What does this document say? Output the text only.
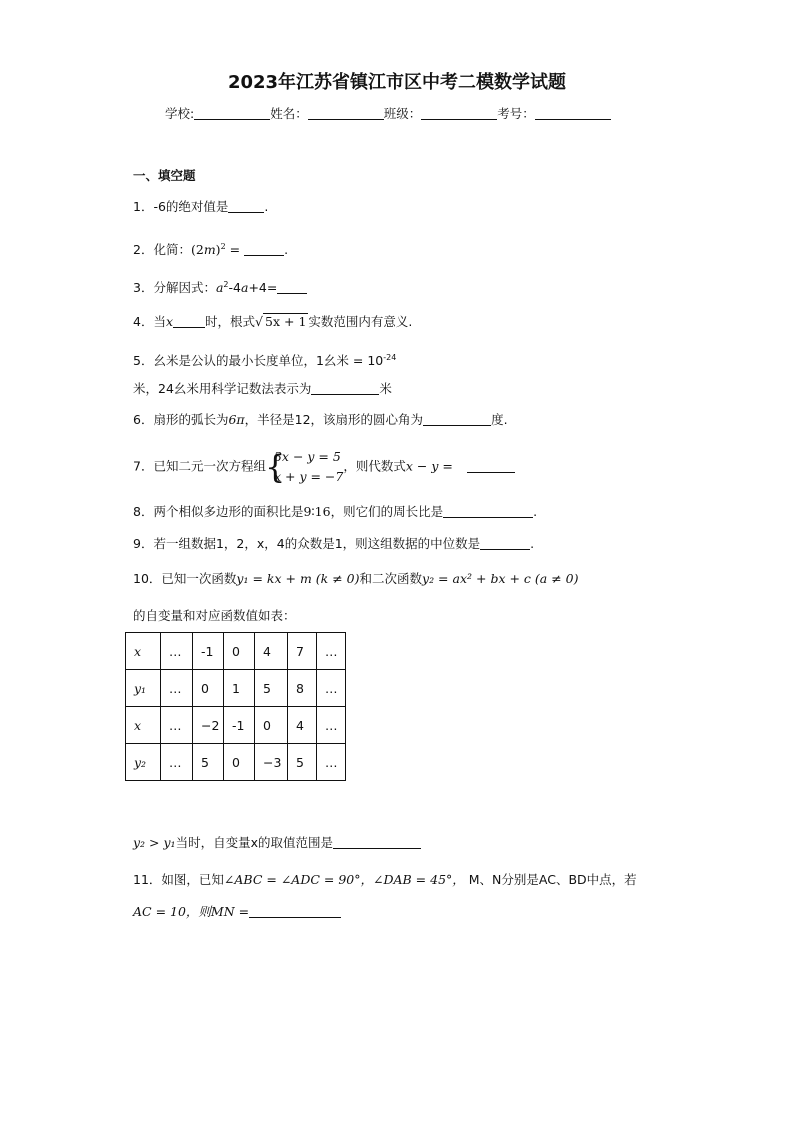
2023年江苏省镇江市区中考二模数学试题
学校:	姓名：	班级：	考号：
一、填空题
1．-6的绝对值是	.
2．化简：$(2m)^2$ =	.
3．分解因式：$a^2-4a+4=$
4．当x	时，根式√ 5x + 1 实数范围内有意义.
5．幺米是公认的最小长度单位，1幺米 = $10^{-24}$
米，24幺米用科学记数法表示为	米
6．扇形的弧长为6π，半径是12，该扇形的圆心角为	度.
7．已知二元一次方程组 {
3x − y = 5
x + y = −7
，则代数式x − y =
8．两个相似多边形的面积比是9∶16，则它们的周长比是	.
9．若一组数据1，2，x，4的众数是1，则这组数据的中位数是	.
10．已知一次函数y₁ = kx + m (k ≠ 0)和二次函数y₂ = ax² + bx + c (a ≠ 0)
的自变量和对应函数值如表：
x	…	-1	0	4	7	…
y₁	…	0	1	5	8	…
x	…	−2	-1	0	4	…
y₂	…	5	0	−3	5	…
y₂ > y₁当时，自变量x的取值范围是
11．如图，已知∠ABC = ∠ADC = 90°，∠DAB = 45°， M、N分别是AC、BD中点，若
AC = 10，则MN =
